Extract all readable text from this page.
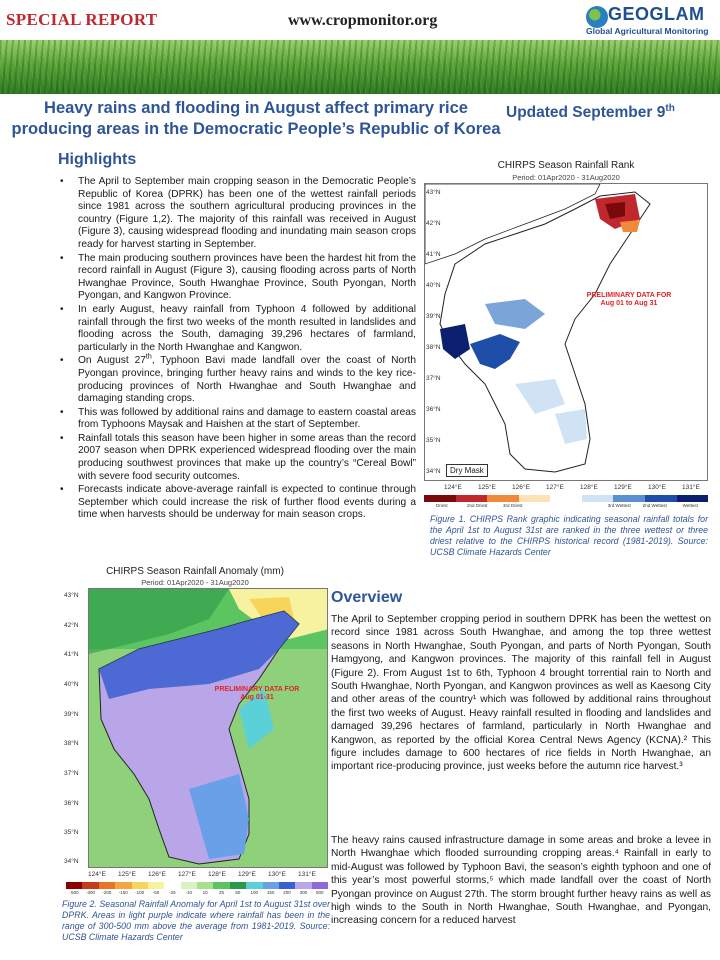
SPECIAL REPORT	www.cropmonitor.org	GEOGLAM
Global Agricultural Monitoring
Heavy rains and flooding in August affect primary rice producing areas in the Democratic People’s Republic of Korea
Updated September 9th
Highlights
• The April to September main cropping season in the Democratic People’s Republic of Korea (DPRK) has been one of the wettest rainfall periods since 1981 across the southern agricultural producing provinces in the country (Figure 1,2). The majority of this rainfall was received in August (Figure 3), causing widespread flooding and inundating main season crops ready for harvest starting in September.
• The main producing southern provinces have been the hardest hit from the record rainfall in August (Figure 3), causing flooding across parts of North Hwanghae Province, South Hwanghae Province, South Pyongan, North Pyongan, and Kangwon Province.
• In early August, heavy rainfall from Typhoon 4 followed by additional rainfall through the first two weeks of the month resulted in landslides and flooding across the South, damaging 39,296 hectares of farmland, particularly in the North Hwanghae and Kangwon.
• On August 27th, Typhoon Bavi made landfall over the coast of North Pyongan province, bringing further heavy rains and winds to the key rice-producing provinces of North Hwanghae and South Hwanghae and damaging standing crops.
• This was followed by additional rains and damage to eastern coastal areas from Typhoons Maysak and Haishen at the start of September.
• Rainfall totals this season have been higher in some areas than the record 2007 season when DPRK experienced widespread flooding over the main producing southwest provinces that make up the country’s “Cereal Bowl” with severe food security outcomes.
• Forecasts indicate above-average rainfall is expected to continue through September which could increase the risk of further flood events during a time when harvests should be underway for main season crops.
CHIRPS Season Rainfall Rank
Period: 01Apr2020 - 31Aug2020
43°N
42°N
41°N
40°N
39°N
38°N
37°N
36°N
35°N
34°N
PRELIMINARY DATA FOR
Aug 01 to Aug 31
Dry Mask
124°E 125°E 126°E 127°E 128°E 129°E 130°E 131°E
Driest	2nd Driest	3rd Driest	3rd Wettest	2nd Wettest	Wettest
Figure 1. CHIRPS Rank graphic indicating seasonal rainfall totals for the April 1st to August 31st are ranked in the three wettest or three driest relative to the CHIRPS historical record (1981-2019). Source: UCSB Climate Hazards Center
CHIRPS Season Rainfall Anomaly (mm)
Period: 01Apr2020 - 31Aug2020
43°N
42°N
41°N
40°N
39°N
38°N
37°N
36°N
35°N
34°N
PRELIMINARY DATA FOR
Aug 01-31
124°E 125°E 126°E 127°E 128°E 129°E 130°E 131°E
-500	-300	-200	-150	-100	-50	-25	-10	10	25	50	100	150	200	300	500
Figure 2. Seasonal Rainfall Anomaly for April 1st to August 31st over DPRK. Areas in light purple indicate where rainfall has been in the range of 300-500 mm above the average from 1981-2019. Source: UCSB Climate Hazards Center
Overview
The April to September cropping period in southern DPRK has been the wettest on record since 1981 across South Hwanghae, and among the top three wettest seasons in North Hwanghae, South Pyongan, and parts of North Pyongan, South Hamgyong, and Kangwon provinces. The majority of this rainfall fell in August (Figure 2). From August 1st to 6th, Typhoon 4 brought torrential rain to North and South Hwanghae, North Pyongan, and Kangwon provinces as well as Kaesong City and other areas of the country¹ which was followed by additional rains throughout the first two weeks of August. Heavy rainfall resulted in flooding and landslides and damaged 39,296 hectares of farmland, particularly in North Hwanghae and Kangwon, as reported by the official Korea Central News Agency (KCNA).² This figure includes damage to 600 hectares of rice fields in North Hwanghae, an important rice-producing province, just weeks before the autumn rice harvest.³
The heavy rains caused infrastructure damage in some areas and broke a levee in North Hwanghae which flooded surrounding cropping areas.⁴ Rainfall in early to mid-August was followed by Typhoon Bavi, the season’s eighth typhoon and one of this year’s most powerful storms,⁵ which made landfall over the coast of North Pyongan province on August 27th. The storm brought further heavy rains as well as high winds to the South in North Hwanghae, South Hwanghae, and Pyongan, increasing concern for a reduced harvest
